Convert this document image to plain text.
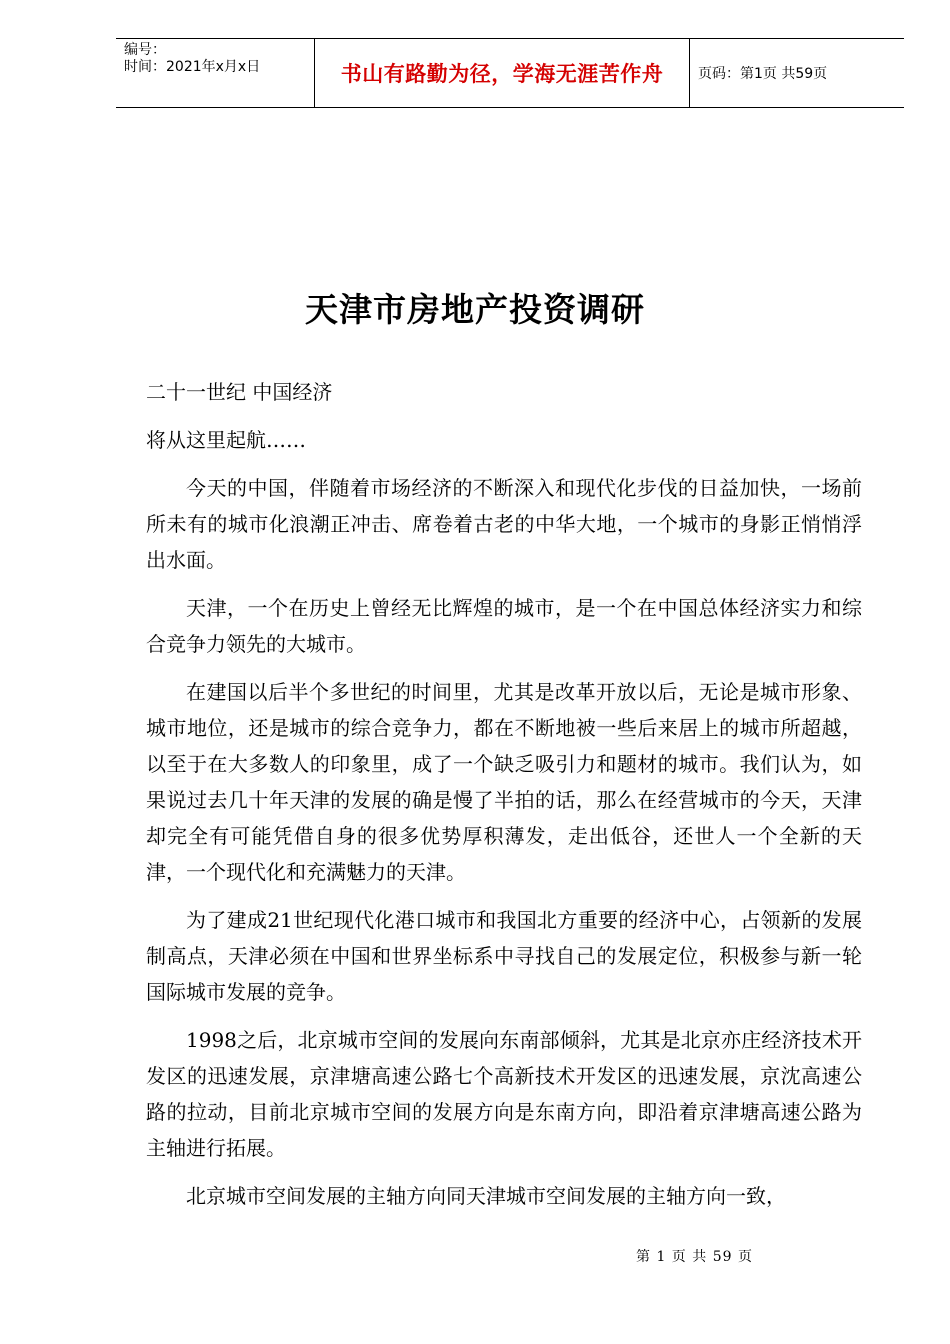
编号：
时间：2021年x月x日	书山有路勤为径，学海无涯苦作舟	页码：第1页 共59页
天津市房地产投资调研

二十一世纪 中国经济

将从这里起航……

今天的中国，伴随着市场经济的不断深入和现代化步伐的日益加快，一场前所未有的城市化浪潮正冲击、席卷着古老的中华大地，一个城市的身影正悄悄浮出水面。

天津，一个在历史上曾经无比辉煌的城市，是一个在中国总体经济实力和综合竞争力领先的大城市。

在建国以后半个多世纪的时间里，尤其是改革开放以后，无论是城市形象、城市地位，还是城市的综合竞争力，都在不断地被一些后来居上的城市所超越，以至于在大多数人的印象里，成了一个缺乏吸引力和题材的城市。我们认为，如果说过去几十年天津的发展的确是慢了半拍的话，那么在经营城市的今天，天津却完全有可能凭借自身的很多优势厚积薄发，走出低谷，还世人一个全新的天津，一个现代化和充满魅力的天津。

为了建成21世纪现代化港口城市和我国北方重要的经济中心，占领新的发展制高点，天津必须在中国和世界坐标系中寻找自己的发展定位，积极参与新一轮国际城市发展的竞争。

1998之后，北京城市空间的发展向东南部倾斜，尤其是北京亦庄经济技术开发区的迅速发展，京津塘高速公路七个高新技术开发区的迅速发展，京沈高速公路的拉动，目前北京城市空间的发展方向是东南方向，即沿着京津塘高速公路为主轴进行拓展。

北京城市空间发展的主轴方向同天津城市空间发展的主轴方向一致，

第 1 页 共 59 页
